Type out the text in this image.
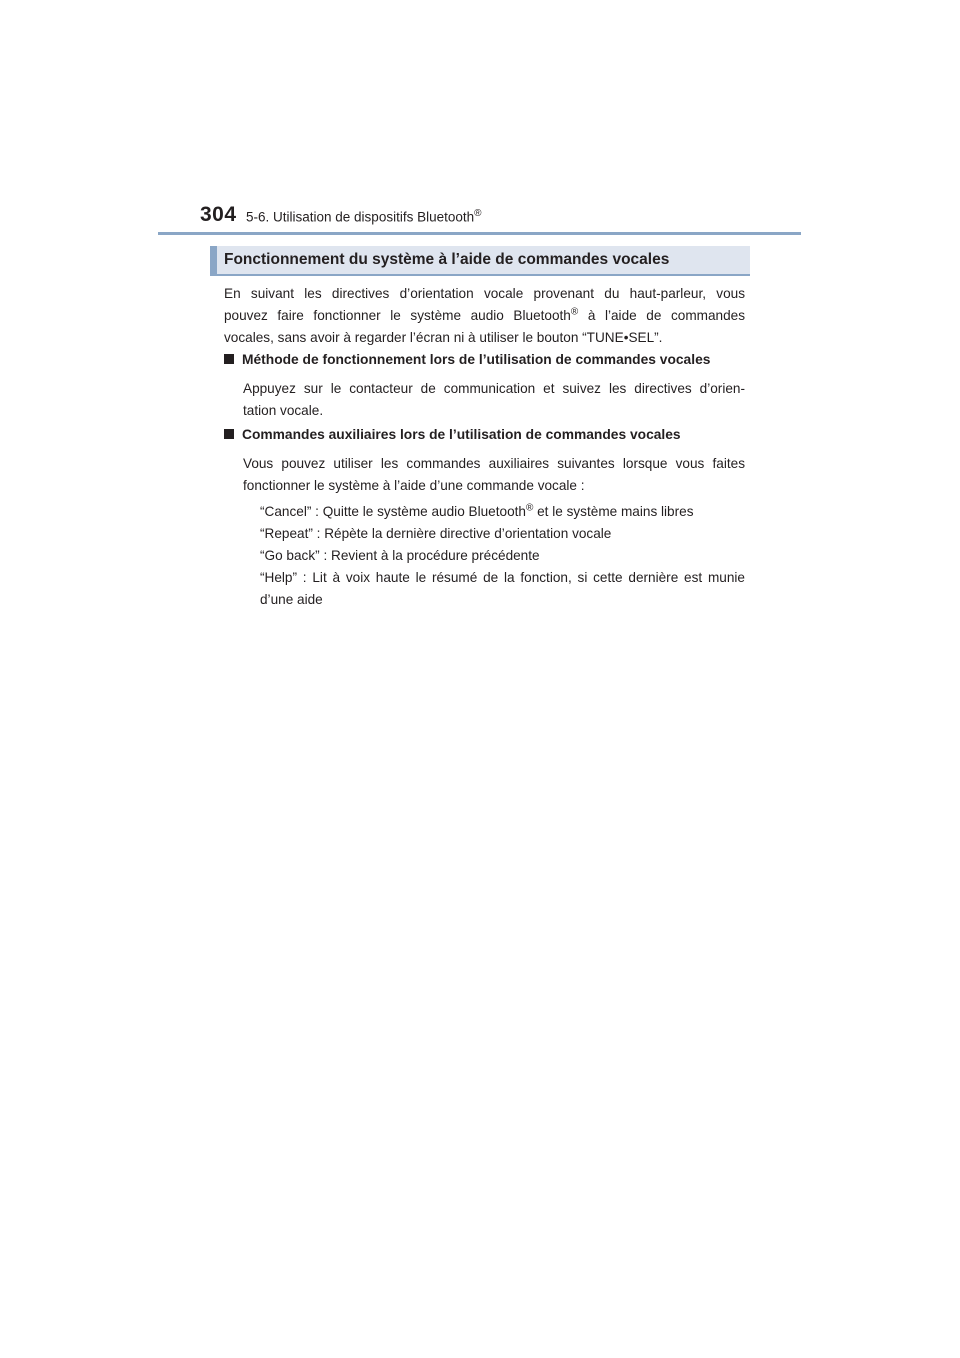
304 5-6. Utilisation de dispositifs Bluetooth®
Fonctionnement du système à l’aide de commandes vocales
En suivant les directives d’orientation vocale provenant du haut-parleur, vous
pouvez faire fonctionner le système audio Bluetooth® à l’aide de commandes
vocales, sans avoir à regarder l’écran ni à utiliser le bouton “TUNE•SEL”.
Méthode de fonctionnement lors de l’utilisation de commandes vocales
Appuyez sur le contacteur de communication et suivez les directives d’orien-
tation vocale.
Commandes auxiliaires lors de l’utilisation de commandes vocales
Vous pouvez utiliser les commandes auxiliaires suivantes lorsque vous faites
fonctionner le système à l’aide d’une commande vocale :
“Cancel” : Quitte le système audio Bluetooth® et le système mains libres
“Repeat” : Répète la dernière directive d’orientation vocale
“Go back” : Revient à la procédure précédente
“Help” : Lit à voix haute le résumé de la fonction, si cette dernière est munie
d’une aide
